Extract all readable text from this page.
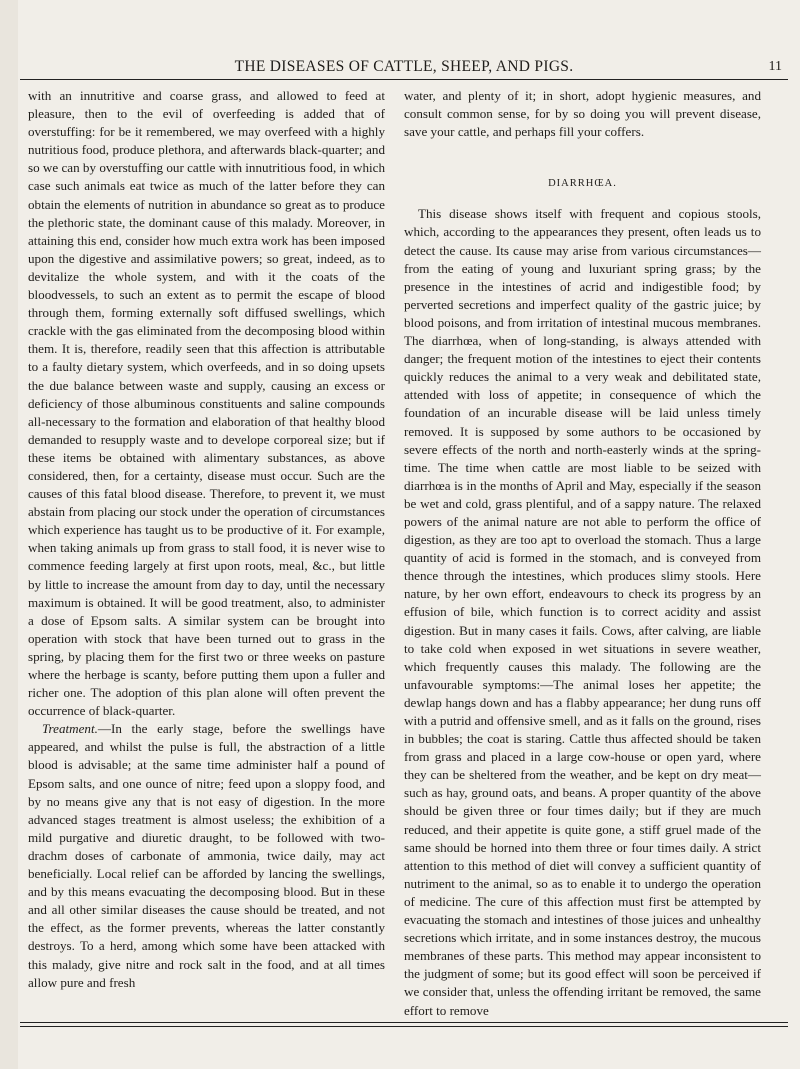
THE DISEASES OF CATTLE, SHEEP, AND PIGS.	11

with an innutritive and coarse grass, and allowed to feed at pleasure, then to the evil of overfeeding is added that of overstuffing: for be it remembered, we may overfeed with a highly nutritious food, produce plethora, and afterwards black-quarter; and so we can by overstuffing our cattle with innutritious food, in which case such animals eat twice as much of the latter before they can obtain the elements of nutrition in abundance so great as to produce the plethoric state, the dominant cause of this malady. Moreover, in attaining this end, consider how much extra work has been imposed upon the digestive and assimilative powers; so great, indeed, as to devitalize the whole system, and with it the coats of the bloodvessels, to such an extent as to permit the escape of blood through them, forming externally soft diffused swellings, which crackle with the gas eliminated from the decomposing blood within them. It is, therefore, readily seen that this affection is attributable to a faulty dietary system, which overfeeds, and in so doing upsets the due balance between waste and supply, causing an excess or deficiency of those albuminous constituents and saline compounds all-necessary to the formation and elaboration of that healthy blood demanded to resupply waste and to develope corporeal size; but if these items be obtained with alimentary substances, as above considered, then, for a certainty, disease must occur. Such are the causes of this fatal blood disease. Therefore, to prevent it, we must abstain from placing our stock under the operation of circumstances which experience has taught us to be productive of it. For example, when taking animals up from grass to stall food, it is never wise to commence feeding largely at first upon roots, meal, &c., but little by little to increase the amount from day to day, until the necessary maximum is obtained. It will be good treatment, also, to administer a dose of Epsom salts. A similar system can be brought into operation with stock that have been turned out to grass in the spring, by placing them for the first two or three weeks on pasture where the herbage is scanty, before putting them upon a fuller and richer one. The adoption of this plan alone will often prevent the occurrence of black-quarter.

Treatment.—In the early stage, before the swellings have appeared, and whilst the pulse is full, the abstraction of a little blood is advisable; at the same time administer half a pound of Epsom salts, and one ounce of nitre; feed upon a sloppy food, and by no means give any that is not easy of digestion. In the more advanced stages treatment is almost useless; the exhibition of a mild purgative and diuretic draught, to be followed with two-drachm doses of carbonate of ammonia, twice daily, may act beneficially. Local relief can be afforded by lancing the swellings, and by this means evacuating the decomposing blood. But in these and all other similar diseases the cause should be treated, and not the effect, as the former prevents, whereas the latter constantly destroys. To a herd, among which some have been attacked with this malady, give nitre and rock salt in the food, and at all times allow pure and fresh

water, and plenty of it; in short, adopt hygienic measures, and consult common sense, for by so doing you will prevent disease, save your cattle, and perhaps fill your coffers.

DIARRHŒA.

This disease shows itself with frequent and copious stools, which, according to the appearances they present, often leads us to detect the cause. Its cause may arise from various circumstances—from the eating of young and luxuriant spring grass; by the presence in the intestines of acrid and indigestible food; by perverted secretions and imperfect quality of the gastric juice; by blood poisons, and from irritation of intestinal mucous membranes. The diarrhœa, when of long-standing, is always attended with danger; the frequent motion of the intestines to eject their contents quickly reduces the animal to a very weak and debilitated state, attended with loss of appetite; in consequence of which the foundation of an incurable disease will be laid unless timely removed. It is supposed by some authors to be occasioned by severe effects of the north and north-easterly winds at the spring-time. The time when cattle are most liable to be seized with diarrhœa is in the months of April and May, especially if the season be wet and cold, grass plentiful, and of a sappy nature. The relaxed powers of the animal nature are not able to perform the office of digestion, as they are too apt to overload the stomach. Thus a large quantity of acid is formed in the stomach, and is conveyed from thence through the intestines, which produces slimy stools. Here nature, by her own effort, endeavours to check its progress by an effusion of bile, which function is to correct acidity and assist digestion. But in many cases it fails. Cows, after calving, are liable to take cold when exposed in wet situations in severe weather, which frequently causes this malady. The following are the unfavourable symptoms:—The animal loses her appetite; the dewlap hangs down and has a flabby appearance; her dung runs off with a putrid and offensive smell, and as it falls on the ground, rises in bubbles; the coat is staring. Cattle thus affected should be taken from grass and placed in a large cow-house or open yard, where they can be sheltered from the weather, and be kept on dry meat—such as hay, ground oats, and beans. A proper quantity of the above should be given three or four times daily; but if they are much reduced, and their appetite is quite gone, a stiff gruel made of the same should be horned into them three or four times daily. A strict attention to this method of diet will convey a sufficient quantity of nutriment to the animal, so as to enable it to undergo the operation of medicine. The cure of this affection must first be attempted by evacuating the stomach and intestines of those juices and unhealthy secretions which irritate, and in some instances destroy, the mucous membranes of these parts. This method may appear inconsistent to the judgment of some; but its good effect will soon be perceived if we consider that, unless the offending irritant be removed, the same effort to remove
